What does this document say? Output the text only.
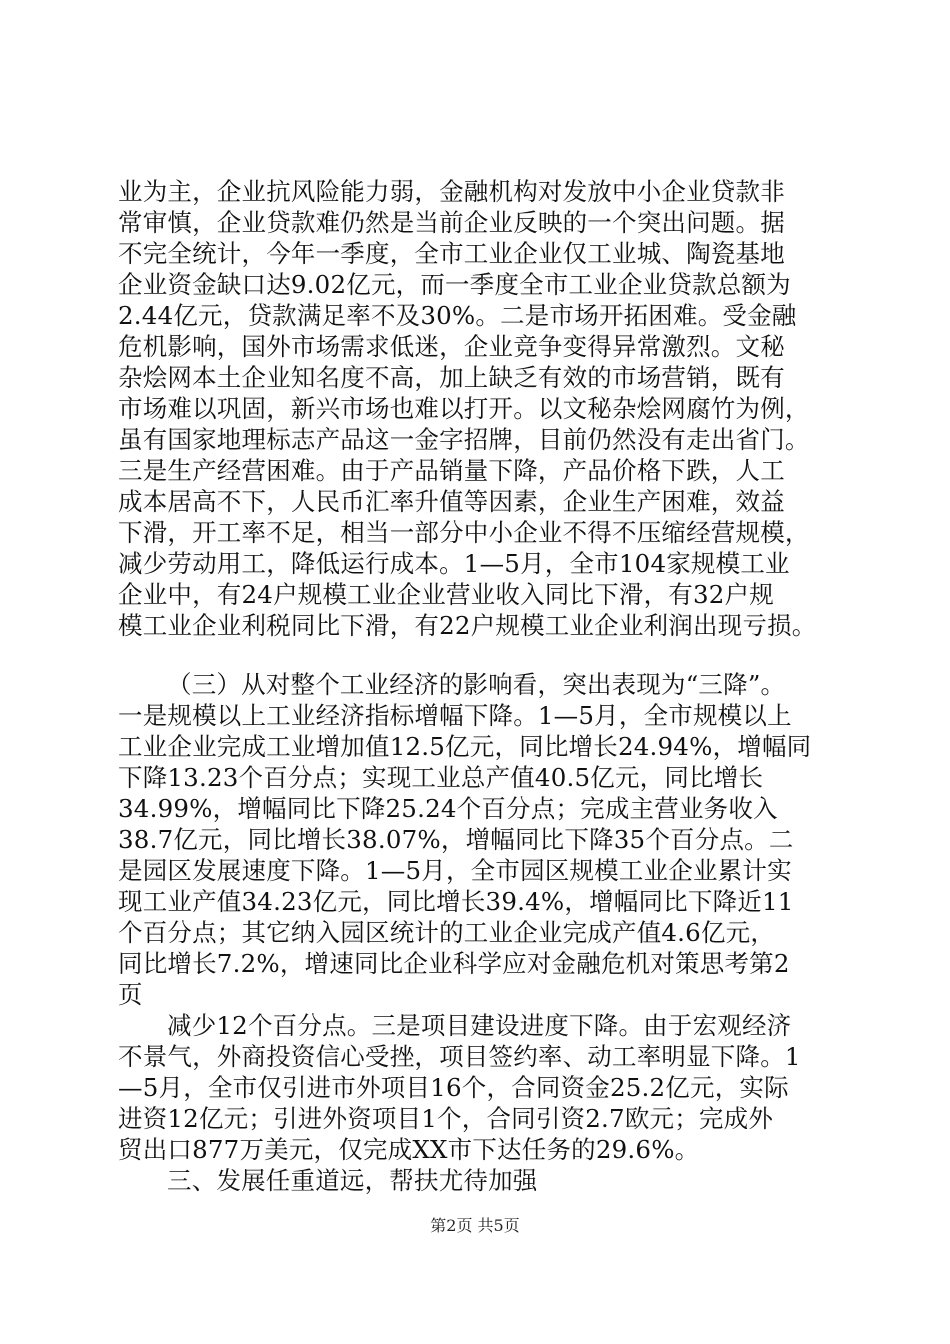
业为主，企业抗风险能力弱，金融机构对发放中小企业贷款非
常审慎，企业贷款难仍然是当前企业反映的一个突出问题。据
不完全统计，今年一季度，全市工业企业仅工业城、陶瓷基地
企业资金缺口达9.02亿元，而一季度全市工业企业贷款总额为
2.44亿元，贷款满足率不及30%。二是市场开拓困难。受金融
危机影响，国外市场需求低迷，企业竞争变得异常激烈。文秘
杂烩网本土企业知名度不高，加上缺乏有效的市场营销，既有
市场难以巩固，新兴市场也难以打开。以文秘杂烩网腐竹为例，
虽有国家地理标志产品这一金字招牌，目前仍然没有走出省门。
三是生产经营困难。由于产品销量下降，产品价格下跌，人工
成本居高不下，人民币汇率升值等因素，企业生产困难，效益
下滑，开工率不足，相当一部分中小企业不得不压缩经营规模，
减少劳动用工，降低运行成本。1—5月，全市104家规模工业
企业中，有24户规模工业企业营业收入同比下滑，有32户规
模工业企业利税同比下滑，有22户规模工业企业利润出现亏损。
（三）从对整个工业经济的影响看，突出表现为“三降”。
一是规模以上工业经济指标增幅下降。1—5月，全市规模以上
工业企业完成工业增加值12.5亿元，同比增长24.94%，增幅同
下降13.23个百分点；实现工业总产值40.5亿元，同比增长
34.99%，增幅同比下降25.24个百分点；完成主营业务收入
38.7亿元，同比增长38.07%，增幅同比下降35个百分点。二
是园区发展速度下降。1—5月，全市园区规模工业企业累计实
现工业产值34.23亿元，同比增长39.4%，增幅同比下降近11
个百分点；其它纳入园区统计的工业企业完成产值4.6亿元，
同比增长7.2%，增速同比企业科学应对金融危机对策思考第2
页
减少12个百分点。三是项目建设进度下降。由于宏观经济
不景气，外商投资信心受挫，项目签约率、动工率明显下降。1
—5月，全市仅引进市外项目16个，合同资金25.2亿元，实际
进资12亿元；引进外资项目1个，合同引资2.7欧元；完成外
贸出口877万美元，仅完成XX市下达任务的29.6%。
三、发展任重道远，帮扶尤待加强
第2页 共5页
